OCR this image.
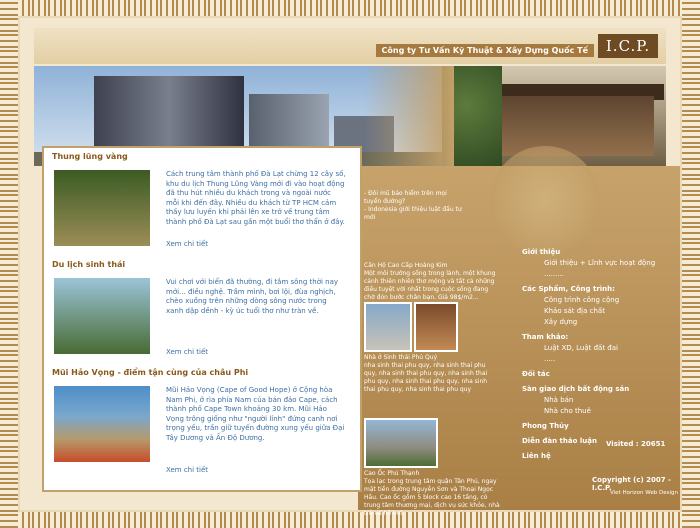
Công ty Tư Vấn Kỹ Thuật & Xây Dựng Quốc Tế	I.C.P.
Thung lũng vàng
Cách trung tâm thành phố Đà Lạt chừng 12 cây số, khu du lịch Thung Lũng Vàng mới đi vào hoạt động đã thu hút nhiều du khách trong và ngoài nước mỗi khi đến đây. Nhiều du khách từ TP HCM cảm thấy lưu luyến khi phải lên xe trở về trung tâm thành phố Đà Lạt sau gần một buổi thơ thẩn ở đây.
Xem chi tiết
Du lịch sinh thái
Vui chơi với biển đã thường, đi tắm sông thời nay mới... điều nghệ. Trầm mình, bơi lội, đùa nghịch, chèo xuồng trên những dòng sông nước trong xanh dập dềnh - kỳ úc tuổi thơ như tràn về.
Xem chi tiết
Mũi Hảo Vọng - điểm tận cùng của châu Phi
Mũi Hảo Vọng (Cape of Good Hope) ở Cộng hòa Nam Phi, ở rìa phía Nam của bán đảo Cape, cách thành phố Cape Town khoảng 30 km. Mũi Hảo Vọng trông giống như "người lính" đứng canh nơi trọng yếu, trấn giữ tuyến đường xung yếu giữa Đại Tây Dương và Ấn Độ Dương.
Xem chi tiết
- Đôi mũ bảo hiểm trên mọi tuyến đường?
- Indonesia giới thiệu luật đầu tư mới
Căn Hộ Cao Cấp Hoàng Kim
Một môi trường sống trong lành, một khung cảnh thiên nhiên thơ mộng và tất cả những điều tuyệt vời nhất trong cuộc sống đang chờ đón bước chân bạn. Giá 98$/m2...
Nhà ở Sinh thái Phú Quý
nha sinh thai phu quy, nha sinh thai phu quy, nha sinh thai phu quy, nha sinh thai phu quy, nha sinh thai phu quy, nha sinh thai phu quy, nha sinh thai phu quy
Cao Ốc Phú Thạnh
Tọa lạc trong trung tâm quận Tân Phú, ngay mặt tiền đường Nguyễn Sơn và Thoại Ngọc Hầu. Cao ốc gồm 5 block cao 16 tầng, có trung tâm thương mại, dịch vụ sức khỏe, nhà trẻ và hồ bơi.
Giới thiệu
Giới thiệu + Lĩnh vực hoạt động
.........
Các Sphẩm, Công trình:
Công trình công cộng
Khảo sát địa chất
Xây dựng
Tham khảo:
Luật XD, Luật đất đai
.....
Đối tác
Sàn giao dịch bất động sản
Nhà bán
Nhà cho thuê
Phong Thủy
Diễn đàn thảo luận
Liên hệ
Visited : 20651
Copyright (c) 2007 - I.C.P.
Viet Horizon Web Design
